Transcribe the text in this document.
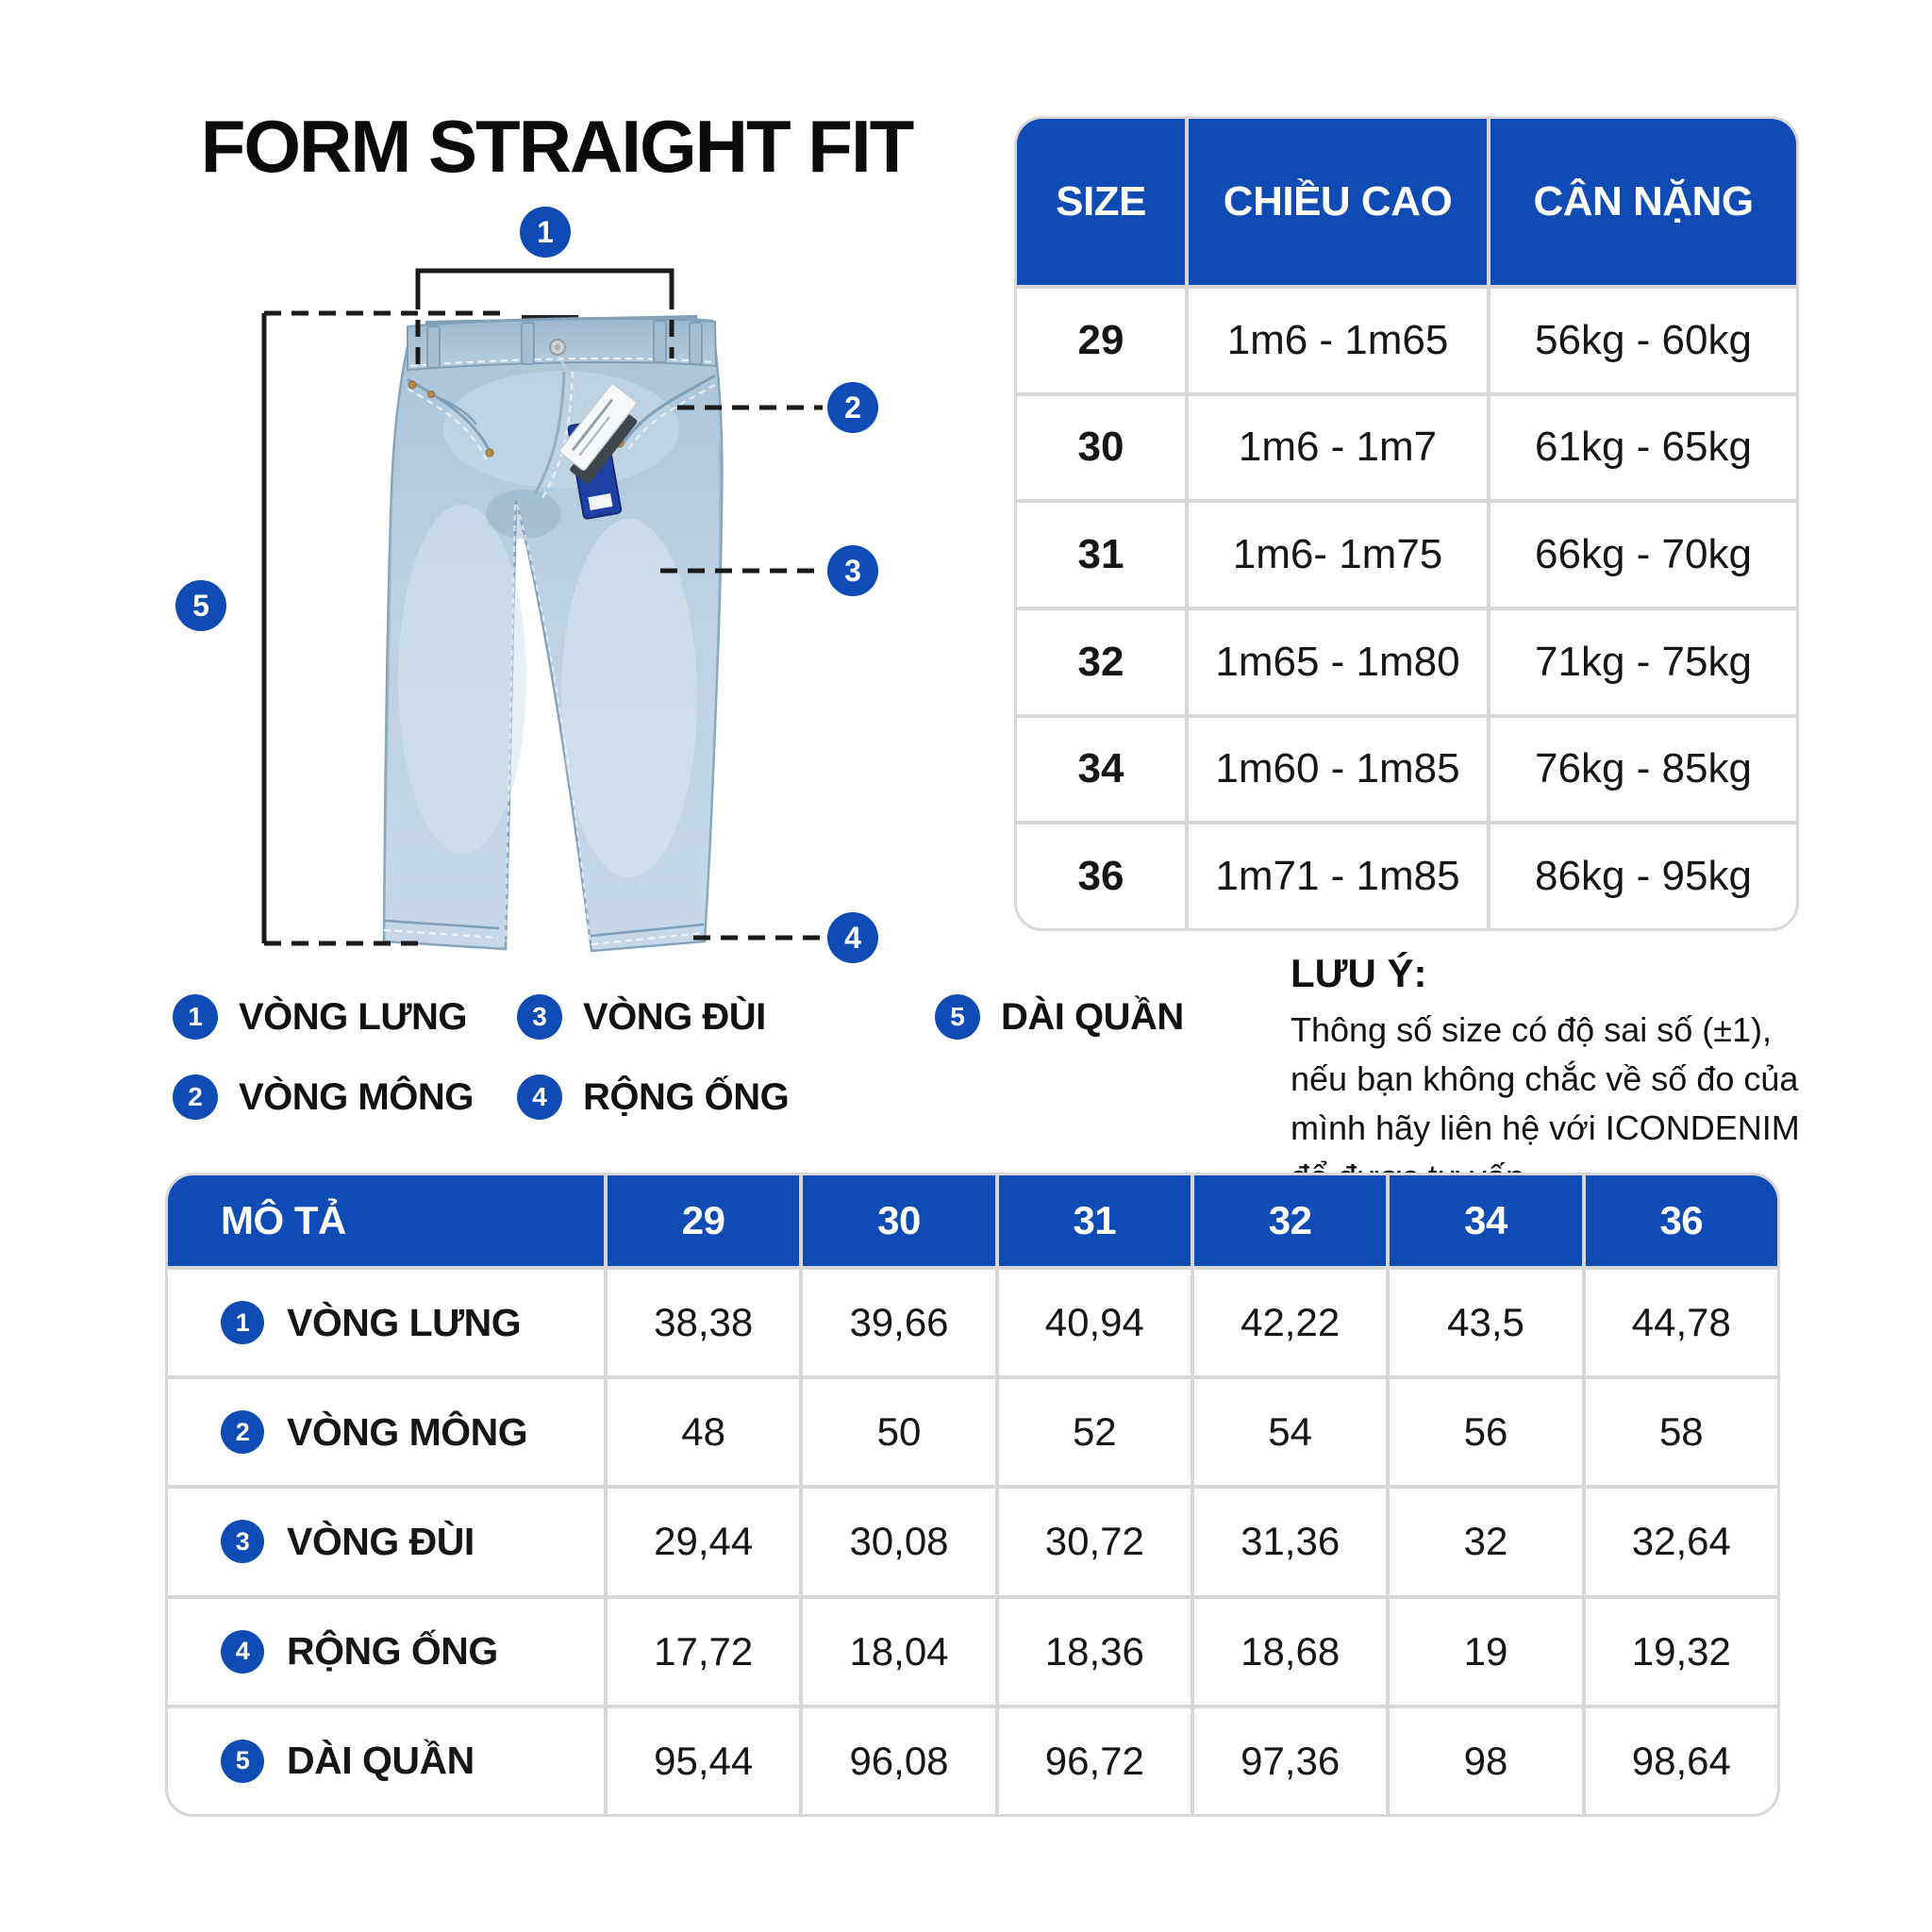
FORM STRAIGHT FIT
1
2
3
4
5
SIZE	CHIỀU CAO	CÂN NẶNG
29	1m6 - 1m65	56kg - 60kg
30	1m6 - 1m7	61kg - 65kg
31	1m6- 1m75	66kg - 70kg
32	1m65 - 1m80	71kg - 75kg
34	1m60 - 1m85	76kg - 85kg
36	1m71 - 1m85	86kg - 95kg
1 VÒNG LƯNG	3 VÒNG ĐÙI	5 DÀI QUẦN
2 VÒNG MÔNG	4 RỘNG ỐNG
LƯU Ý:
Thông số size có độ sai số (±1),
nếu bạn không chắc về số đo của
mình hãy liên hệ với ICONDENIM
MÔ TẢ	29	30	31	32	34	36
1 VÒNG LƯNG	38,38	39,66	40,94	42,22	43,5	44,78
2 VÒNG MÔNG	48	50	52	54	56	58
3 VÒNG ĐÙI	29,44	30,08	30,72	31,36	32	32,64
4 RỘNG ỐNG	17,72	18,04	18,36	18,68	19	19,32
5 DÀI QUẦN	95,44	96,08	96,72	97,36	98	98,64
